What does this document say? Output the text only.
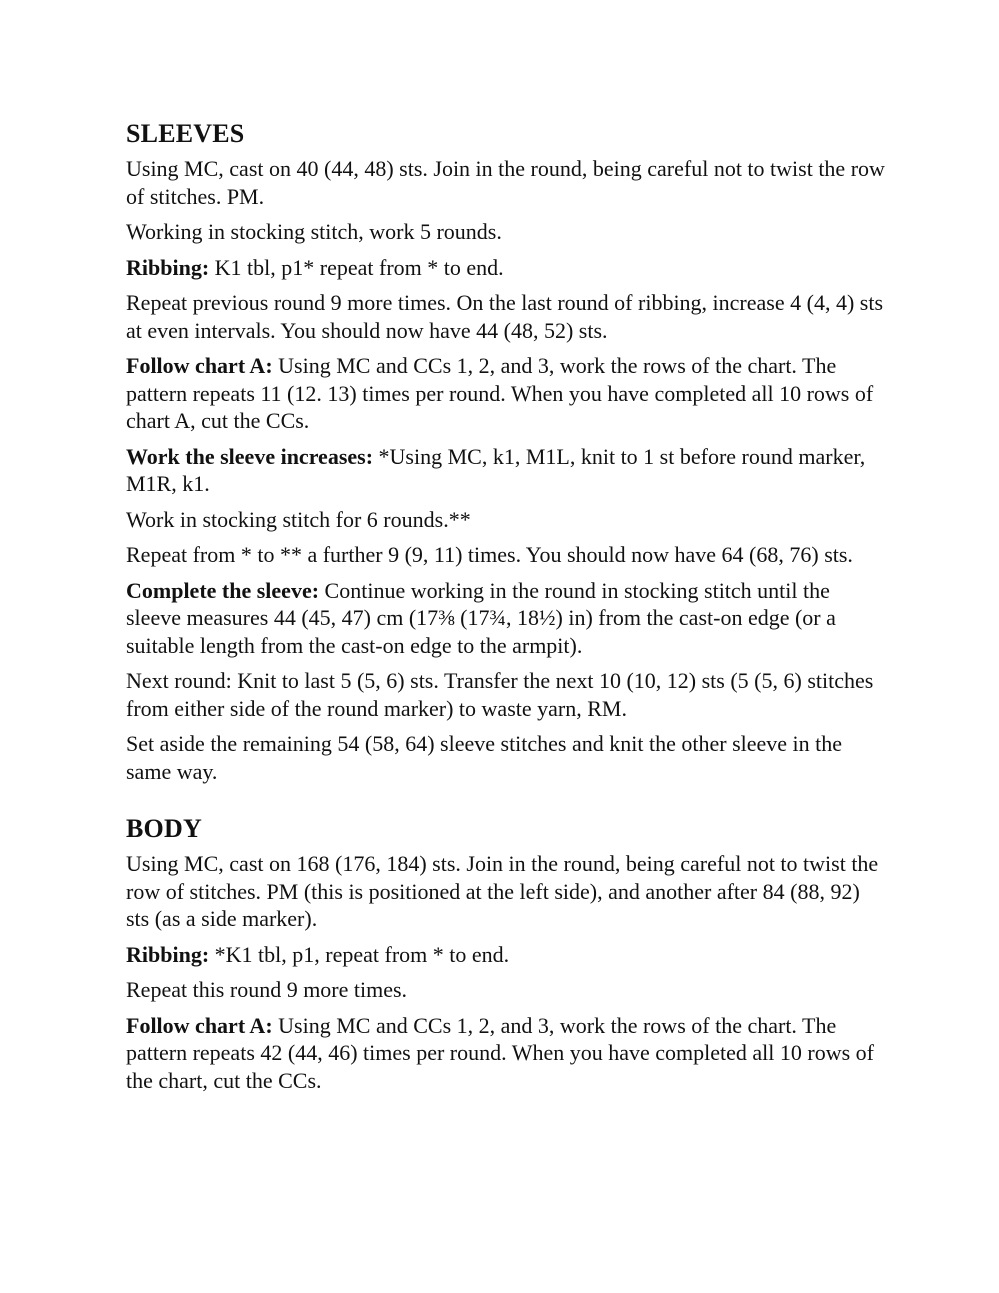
SLEEVES

Using MC, cast on 40 (44, 48) sts. Join in the round, being careful not to twist the row of stitches. PM.

Working in stocking stitch, work 5 rounds.

Ribbing: K1 tbl, p1* repeat from * to end.

Repeat previous round 9 more times. On the last round of ribbing, increase 4 (4, 4) sts at even intervals. You should now have 44 (48, 52) sts.

Follow chart A: Using MC and CCs 1, 2, and 3, work the rows of the chart. The pattern repeats 11 (12. 13) times per round. When you have completed all 10 rows of chart A, cut the CCs.

Work the sleeve increases: *Using MC, k1, M1L, knit to 1 st before round marker, M1R, k1.

Work in stocking stitch for 6 rounds.**

Repeat from * to ** a further 9 (9, 11) times. You should now have 64 (68, 76) sts.

Complete the sleeve: Continue working in the round in stocking stitch until the sleeve measures 44 (45, 47) cm (17⅜ (17¾, 18½) in) from the cast-on edge (or a suitable length from the cast-on edge to the armpit).

Next round: Knit to last 5 (5, 6) sts. Transfer the next 10 (10, 12) sts (5 (5, 6) stitches from either side of the round marker) to waste yarn, RM.

Set aside the remaining 54 (58, 64) sleeve stitches and knit the other sleeve in the same way.

BODY

Using MC, cast on 168 (176, 184) sts. Join in the round, being careful not to twist the row of stitches. PM (this is positioned at the left side), and another after 84 (88, 92) sts (as a side marker).

Ribbing: *K1 tbl, p1, repeat from * to end.

Repeat this round 9 more times.

Follow chart A: Using MC and CCs 1, 2, and 3, work the rows of the chart. The pattern repeats 42 (44, 46) times per round. When you have completed all 10 rows of the chart, cut the CCs.
